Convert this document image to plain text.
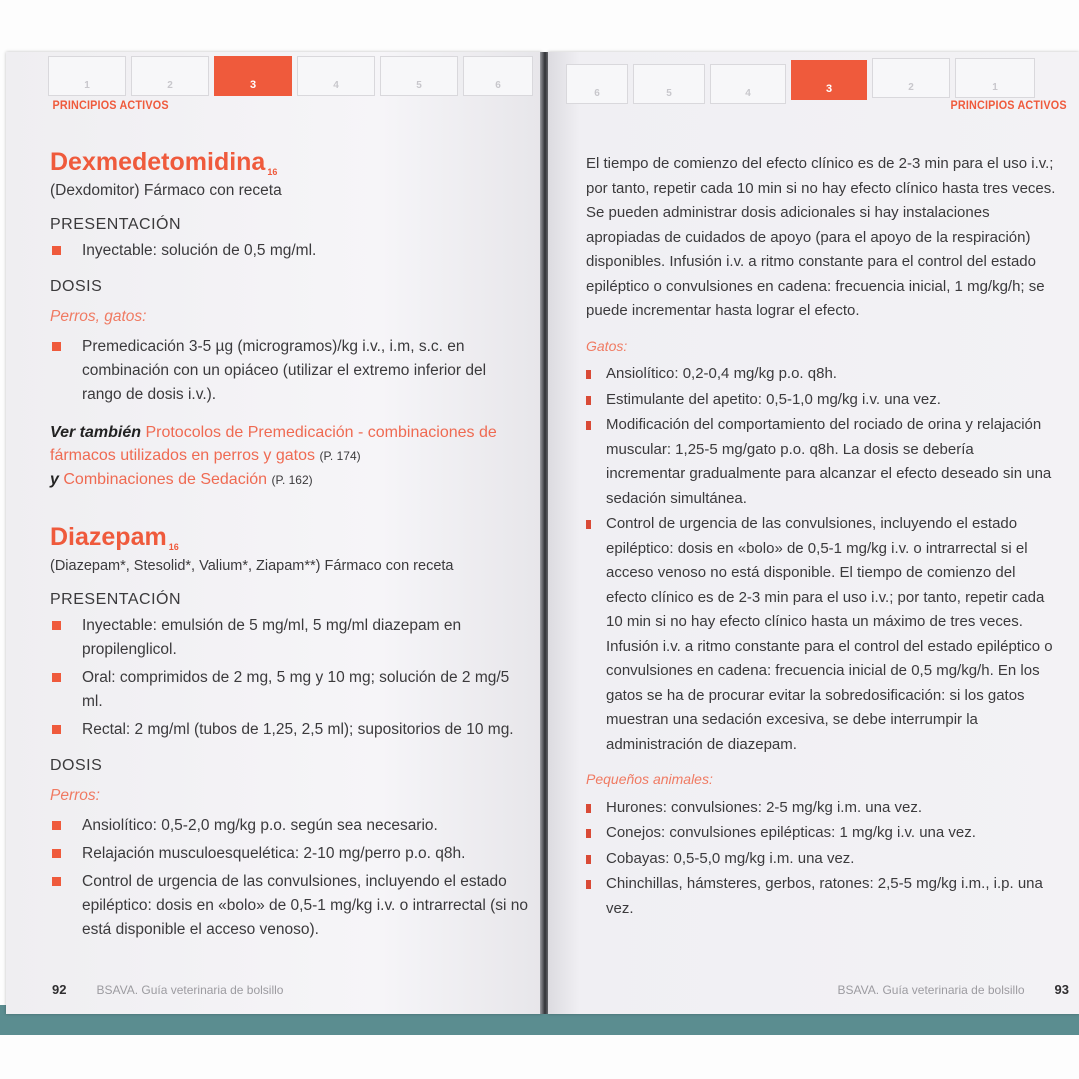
1	2	3	4	5	6
PRINCIPIOS ACTIVOS
Dexmedetomidina $^{16}$
(Dexdomitor) Fármaco con receta
PRESENTACIÓN
Inyectable: solución de 0,5 mg/ml.
DOSIS
Perros, gatos:
Premedicación 3-5 µg (microgramos)/kg i.v., i.m, s.c. en combinación con un opiáceo (utilizar el extremo inferior del rango de dosis i.v.).
Ver también Protocolos de Premedicación - combinaciones de fármacos utilizados en perros y gatos (P. 174)
y Combinaciones de Sedación (P. 162)
Diazepam $^{16}$
(Diazepam*, Stesolid*, Valium*, Ziapam**) Fármaco con receta
PRESENTACIÓN
Inyectable: emulsión de 5 mg/ml, 5 mg/ml diazepam en propilenglicol.
Oral: comprimidos de 2 mg, 5 mg y 10 mg; solución de 2 mg/5 ml.
Rectal: 2 mg/ml (tubos de 1,25, 2,5 ml); supositorios de 10 mg.
DOSIS
Perros:
Ansiolítico: 0,5-2,0 mg/kg p.o. según sea necesario.
Relajación musculoesquelética: 2-10 mg/perro p.o. q8h.
Control de urgencia de las convulsiones, incluyendo el estado epiléptico: dosis en «bolo» de 0,5-1 mg/kg i.v. o intrarrectal (si no está disponible el acceso venoso).
92	BSAVA. Guía veterinaria de bolsillo
6	5	4	3	2	1
PRINCIPIOS ACTIVOS

El tiempo de comienzo del efecto clínico es de 2-3 min para el uso i.v.; por tanto, repetir cada 10 min si no hay efecto clínico hasta tres veces. Se pueden administrar dosis adicionales si hay instalaciones apropiadas de cuidados de apoyo (para el apoyo de la respiración) disponibles. Infusión i.v. a ritmo constante para el control del estado epiléptico o convulsiones en cadena: frecuencia inicial, 1 mg/kg/h; se puede incrementar hasta lograr el efecto.

Gatos:
Ansiolítico: 0,2-0,4 mg/kg p.o. q8h.
Estimulante del apetito: 0,5-1,0 mg/kg i.v. una vez.
Modificación del comportamiento del rociado de orina y relajación muscular: 1,25-5 mg/gato p.o. q8h. La dosis se debería incrementar gradualmente para alcanzar el efecto deseado sin una sedación simultánea.
Control de urgencia de las convulsiones, incluyendo el estado epiléptico: dosis en «bolo» de 0,5-1 mg/kg i.v. o intrarrectal si el acceso venoso no está disponible. El tiempo de comienzo del efecto clínico es de 2-3 min para el uso i.v.; por tanto, repetir cada 10 min si no hay efecto clínico hasta un máximo de tres veces. Infusión i.v. a ritmo constante para el control del estado epiléptico o convulsiones en cadena: frecuencia inicial de 0,5 mg/kg/h. En los gatos se ha de procurar evitar la sobredosificación: si los gatos muestran una sedación excesiva, se debe interrumpir la administración de diazepam.
Pequeños animales:
Hurones: convulsiones: 2-5 mg/kg i.m. una vez.
Conejos: convulsiones epilépticas: 1 mg/kg i.v. una vez.
Cobayas: 0,5-5,0 mg/kg i.m. una vez.
Chinchillas, hámsteres, gerbos, ratones: 2,5-5 mg/kg i.m., i.p. una vez.
BSAVA. Guía veterinaria de bolsillo 93
